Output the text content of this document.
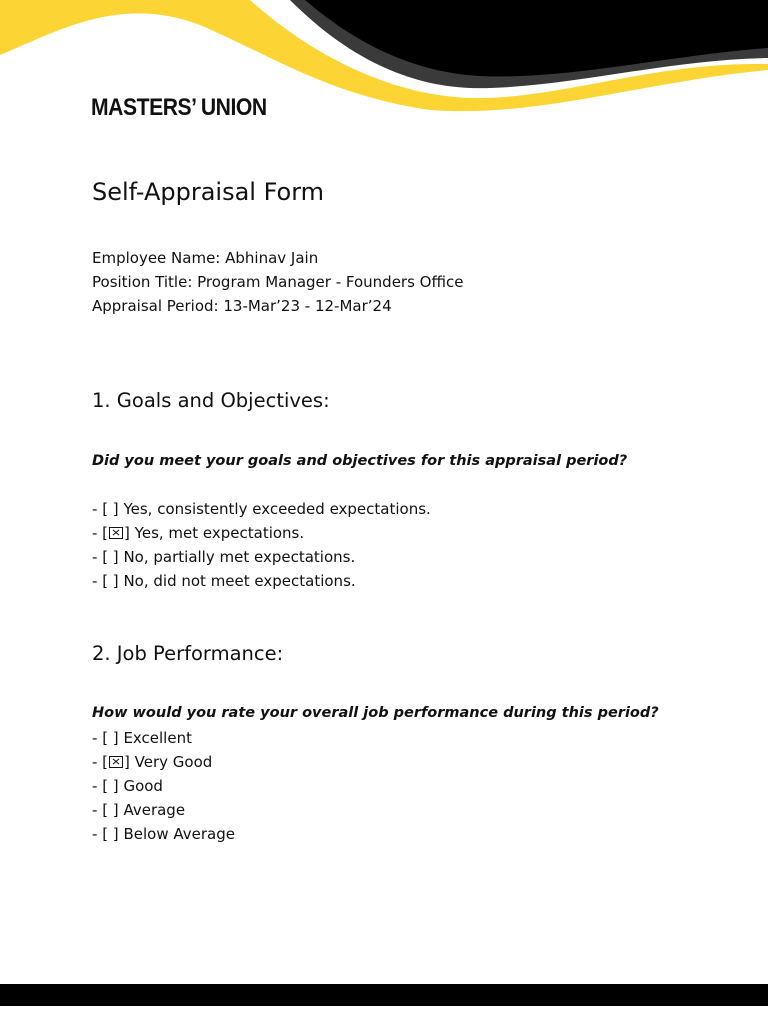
MASTERS’ UNION
Self-Appraisal Form
Employee Name: Abhinav Jain
Position Title: Program Manager - Founders Office
Appraisal Period: 13-Mar’23 - 12-Mar’24
1. Goals and Objectives:
Did you meet your goals and objectives for this appraisal period?
- [ ] Yes, consistently exceeded expectations.
- [ ] Yes, met expectations.
- [ ] No, partially met expectations.
- [ ] No, did not meet expectations.
2. Job Performance:
How would you rate your overall job performance during this period?
- [ ] Excellent
- [ ] Very Good
- [ ] Good
- [ ] Average
- [ ] Below Average
